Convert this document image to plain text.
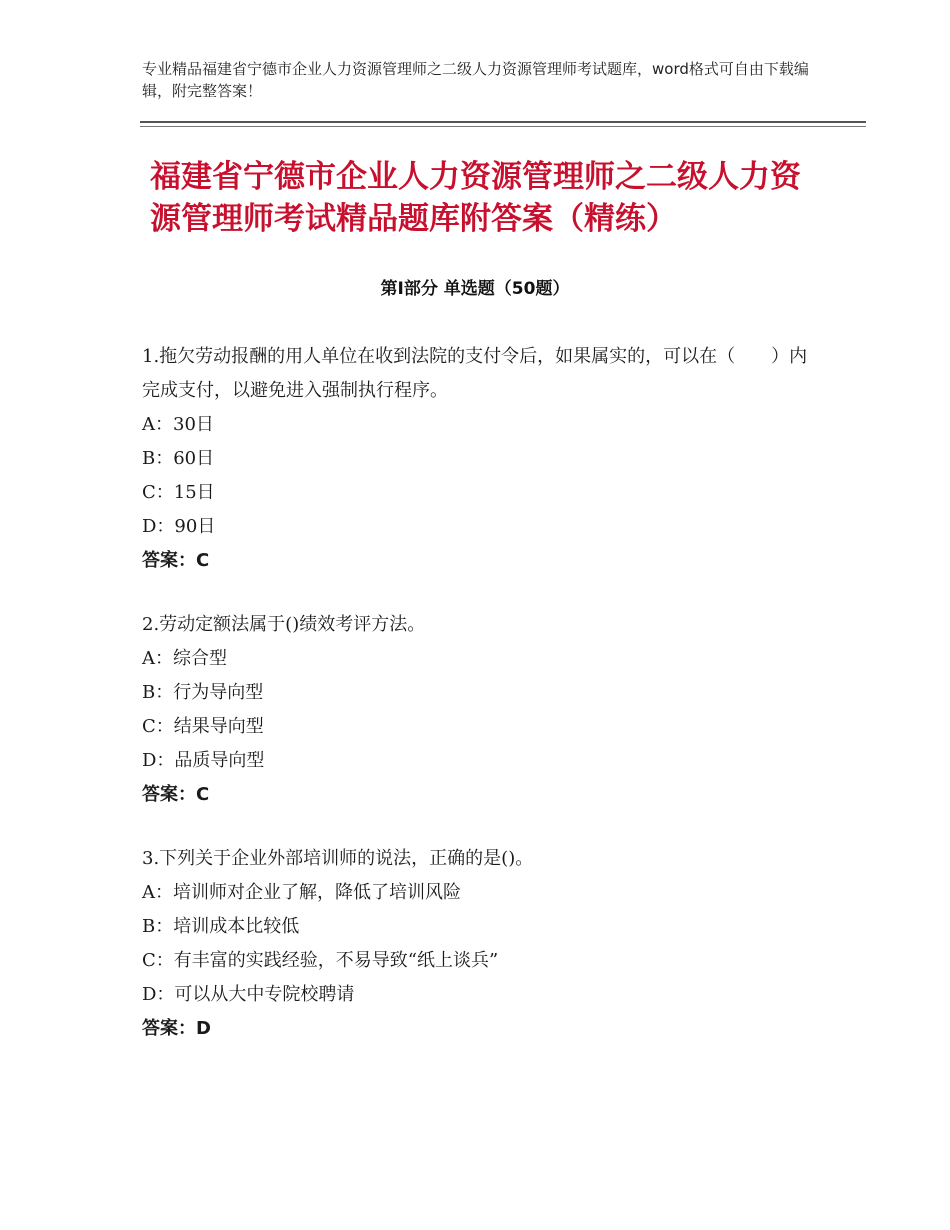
专业精品福建省宁德市企业人力资源管理师之二级人力资源管理师考试题库，word格式可自由下载编辑，附完整答案！
福建省宁德市企业人力资源管理师之二级人力资源管理师考试精品题库附答案（精练）
第Ⅰ部分 单选题（50题）

1.拖欠劳动报酬的用人单位在收到法院的支付令后，如果属实的，可以在（　　）内完成支付，以避免进入强制执行程序。

A：30日

B：60日

C：15日

D：90日

答案：C

2.劳动定额法属于()绩效考评方法。

A：综合型

B：行为导向型

C：结果导向型

D：品质导向型

答案：C

3.下列关于企业外部培训师的说法，正确的是()。

A：培训师对企业了解，降低了培训风险

B：培训成本比较低

C：有丰富的实践经验，不易导致“纸上谈兵”

D：可以从大中专院校聘请

答案：D
